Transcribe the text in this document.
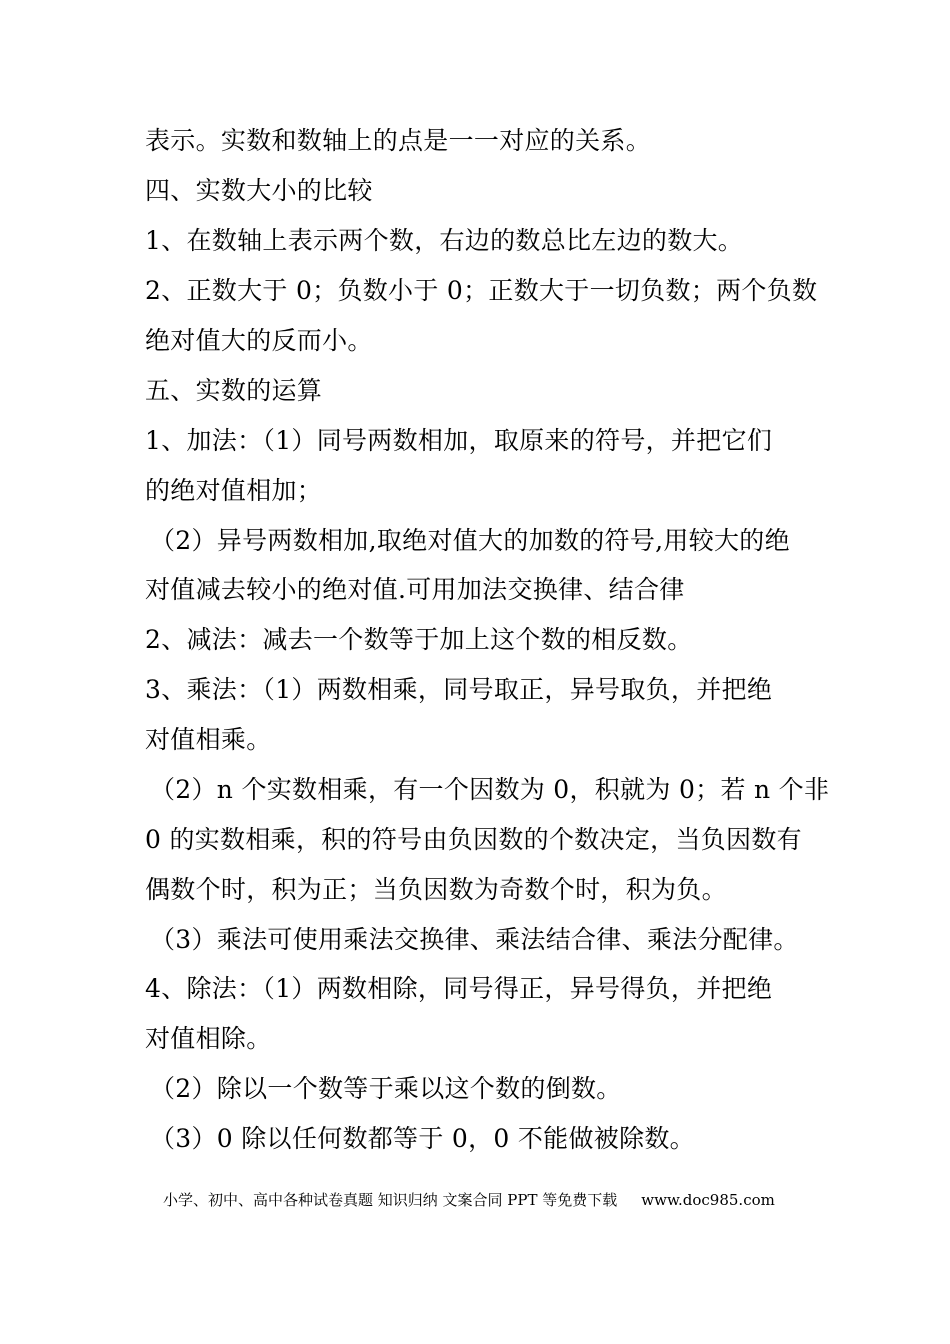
表示。实数和数轴上的点是一一对应的关系。
四、实数大小的比较
1、在数轴上表示两个数，右边的数总比左边的数大。
2、正数大于 0；负数小于 0；正数大于一切负数；两个负数
绝对值大的反而小。
五、实数的运算
1、加法：（1）同号两数相加，取原来的符号，并把它们
的绝对值相加；
（2）异号两数相加,取绝对值大的加数的符号,用较大的绝
对值减去较小的绝对值.可用加法交换律、结合律
2、减法：减去一个数等于加上这个数的相反数。
3、乘法：（1）两数相乘，同号取正，异号取负，并把绝
对值相乘。
（2）n 个实数相乘，有一个因数为 0，积就为 0；若 n 个非
0 的实数相乘，积的符号由负因数的个数决定，当负因数有
偶数个时，积为正；当负因数为奇数个时，积为负。
（3）乘法可使用乘法交换律、乘法结合律、乘法分配律。
4、除法：（1）两数相除，同号得正，异号得负，并把绝
对值相除。
（2）除以一个数等于乘以这个数的倒数。
（3）0 除以任何数都等于 0，0 不能做被除数。
小学、初中、高中各种试卷真题 知识归纳 文案合同 PPT 等免费下载 www.doc985.com
